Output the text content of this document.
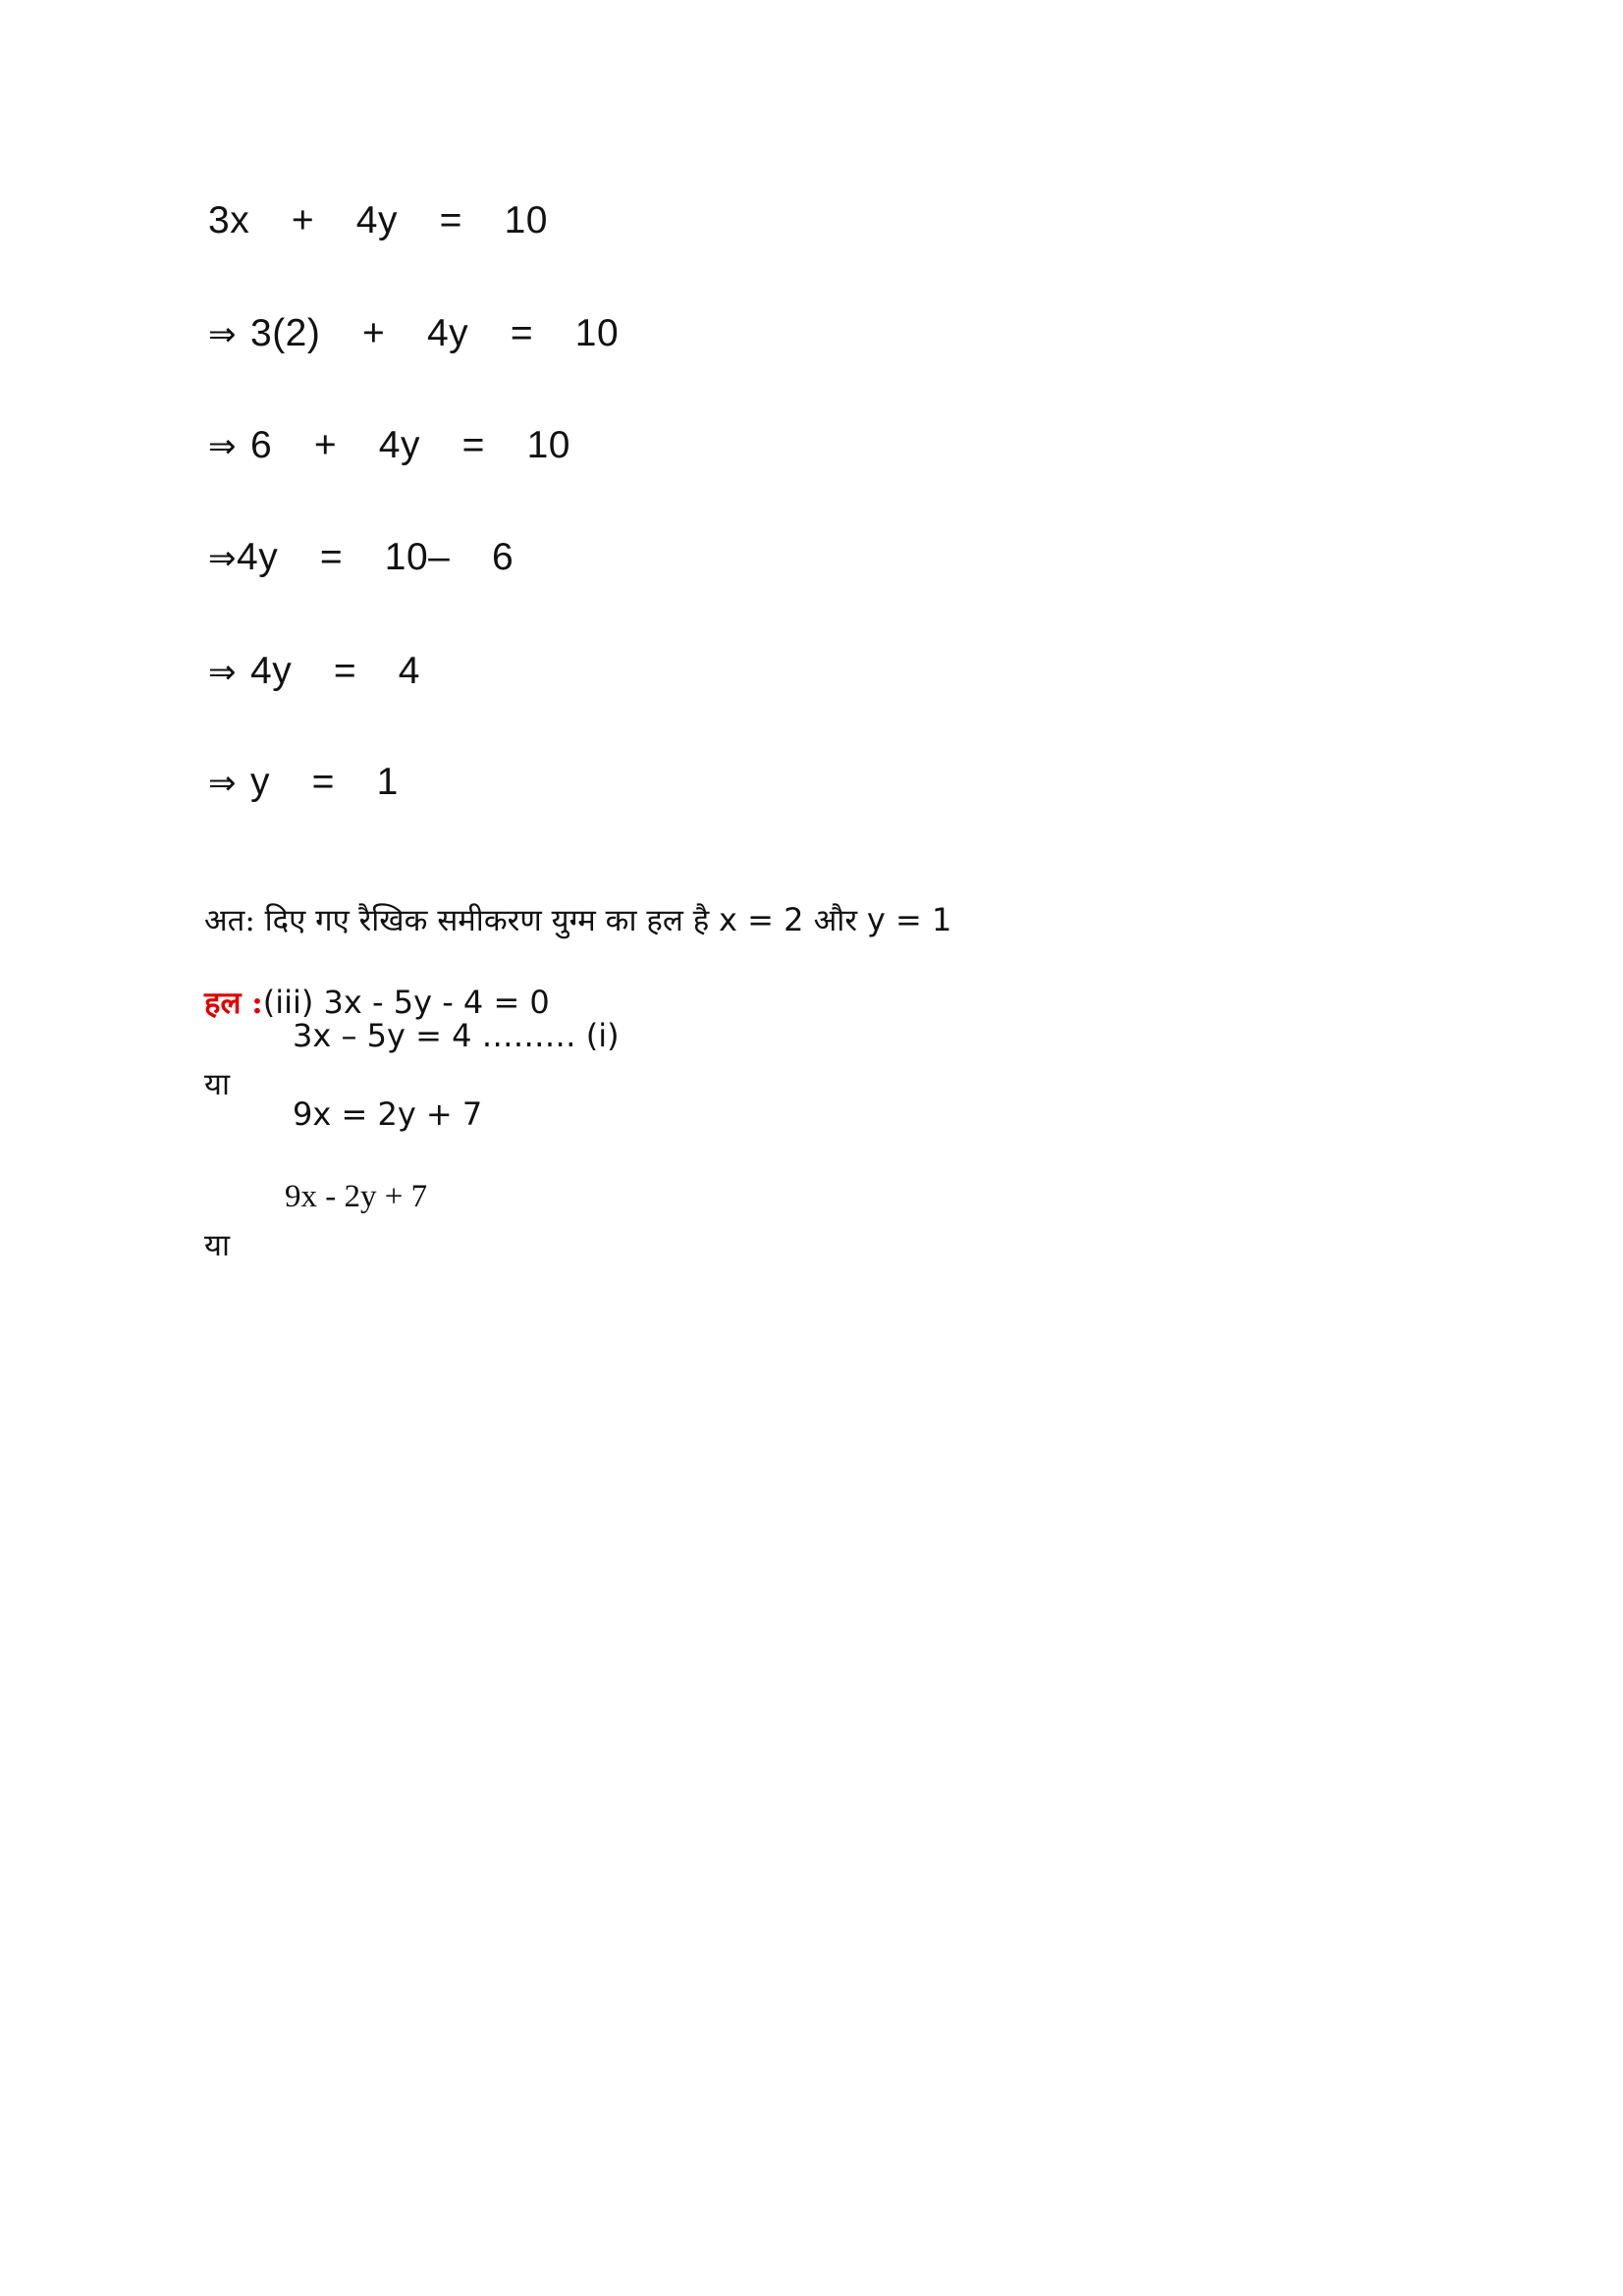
3x  +  4y  =  10
⇒ 3(2)  +  4y  =  10
⇒ 6  +  4y  =  10
⇒4y  =  10–  6
⇒ 4y  =  4
⇒ y  =  1

अत: दिए गए रैखिक समीकरण युग्म का हल है x = 2 और y = 1

हल :(iii) 3x - 5y - 4 = 0

या

3x – 5y = 4 ……… (i)

9x = 2y + 7

या

9x - 2y + 7
